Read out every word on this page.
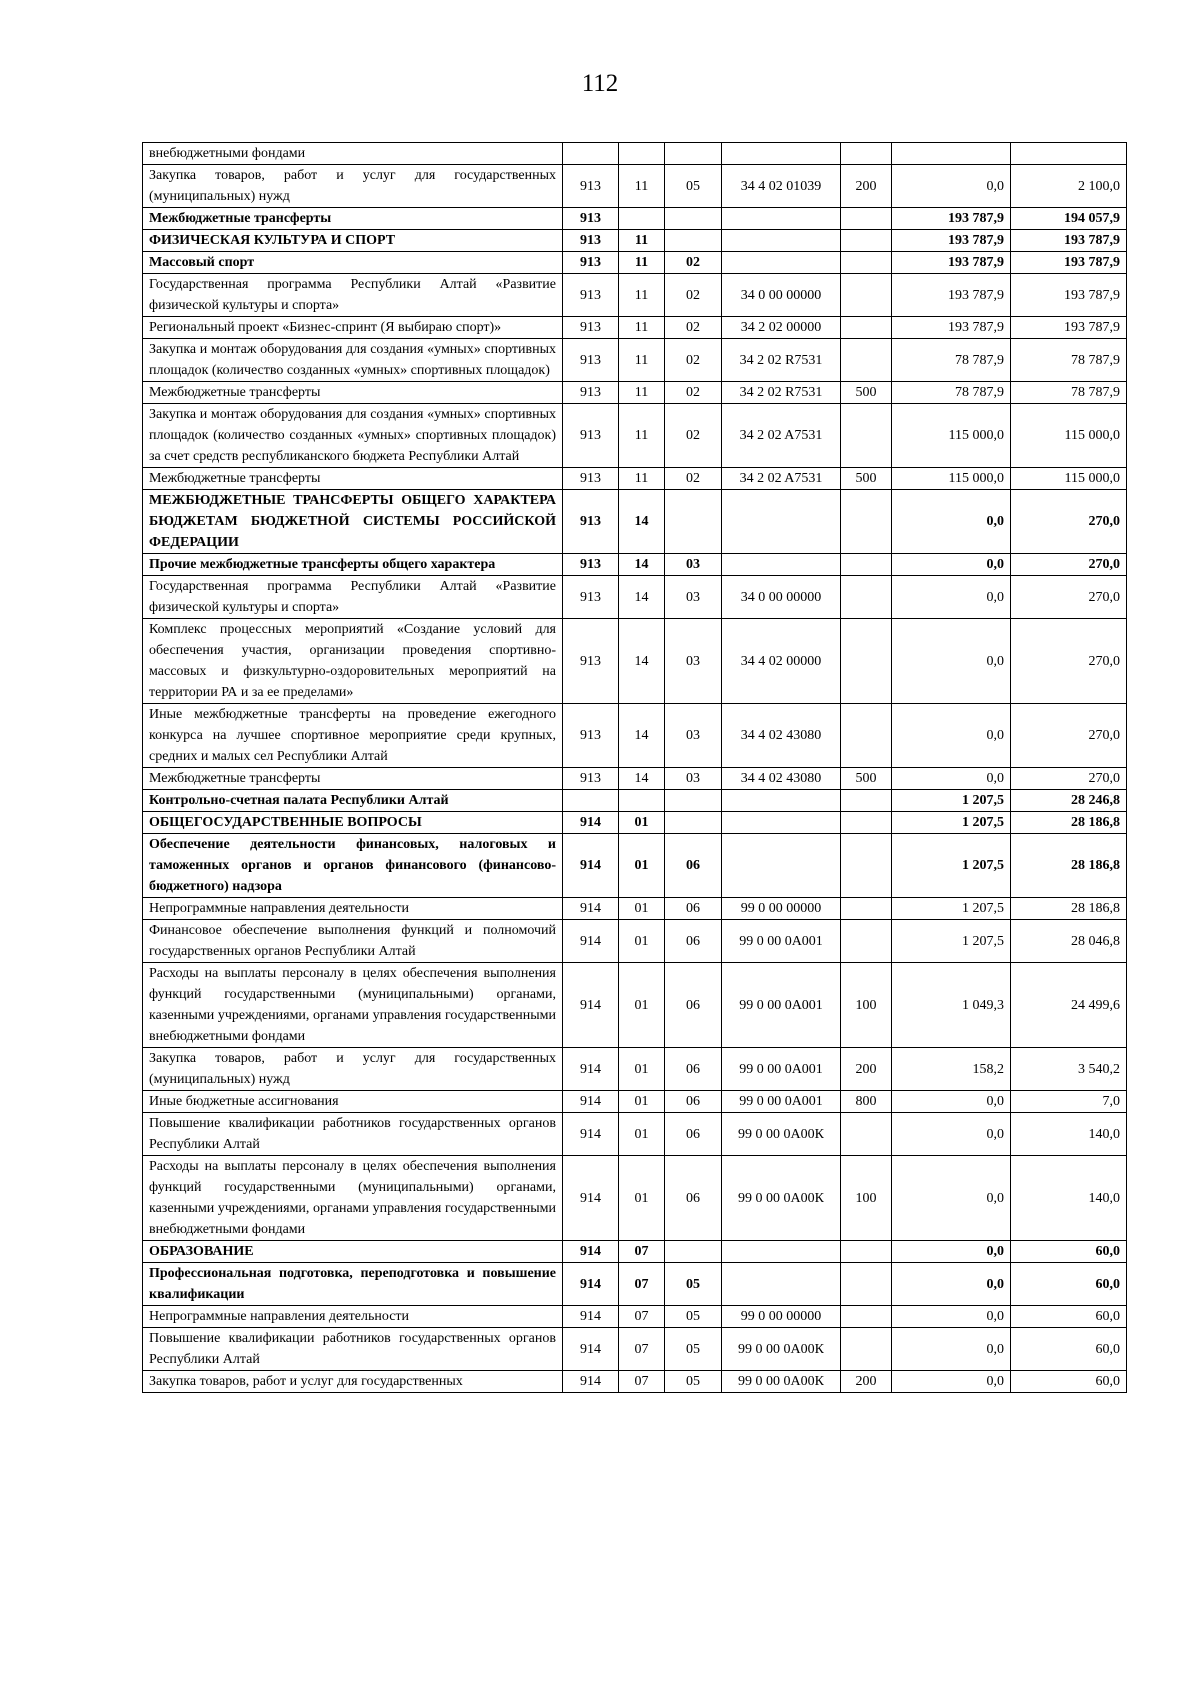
112
внебюджетными фондами							
Закупка товаров, работ и услуг для государственных (муниципальных) нужд	913	11	05	34 4 02 01039	200	0,0	2 100,0
Межбюджетные трансферты	913					193 787,9	194 057,9
ФИЗИЧЕСКАЯ КУЛЬТУРА И СПОРТ	913	11				193 787,9	193 787,9
Массовый спорт	913	11	02			193 787,9	193 787,9
Государственная программа Республики Алтай «Развитие физической культуры и спорта»	913	11	02	34 0 00 00000		193 787,9	193 787,9
Региональный проект «Бизнес-спринт (Я выбираю спорт)»	913	11	02	34 2 02 00000		193 787,9	193 787,9
Закупка и монтаж оборудования для создания «умных» спортивных площадок (количество созданных «умных» спортивных площадок)	913	11	02	34 2 02 R7531		78 787,9	78 787,9
Межбюджетные трансферты	913	11	02	34 2 02 R7531	500	78 787,9	78 787,9
Закупка и монтаж оборудования для создания «умных» спортивных площадок (количество созданных «умных» спортивных площадок) за счет средств республиканского бюджета Республики Алтай	913	11	02	34 2 02 A7531		115 000,0	115 000,0
Межбюджетные трансферты	913	11	02	34 2 02 A7531	500	115 000,0	115 000,0
МЕЖБЮДЖЕТНЫЕ ТРАНСФЕРТЫ ОБЩЕГО ХАРАКТЕРА БЮДЖЕТАМ БЮДЖЕТНОЙ СИСТЕМЫ РОССИЙСКОЙ ФЕДЕРАЦИИ	913	14				0,0	270,0
Прочие межбюджетные трансферты общего характера	913	14	03			0,0	270,0
Государственная программа Республики Алтай «Развитие физической культуры и спорта»	913	14	03	34 0 00 00000		0,0	270,0
Комплекс процессных мероприятий «Создание условий для обеспечения участия, организации проведения спортивно-массовых и физкультурно-оздоровительных мероприятий на территории РА и за ее пределами»	913	14	03	34 4 02 00000		0,0	270,0
Иные межбюджетные трансферты на проведение ежегодного конкурса на лучшее спортивное мероприятие среди крупных, средних и малых сел Республики Алтай	913	14	03	34 4 02 43080		0,0	270,0
Межбюджетные трансферты	913	14	03	34 4 02 43080	500	0,0	270,0
Контрольно-счетная палата Республики Алтай						1 207,5	28 246,8
ОБЩЕГОСУДАРСТВЕННЫЕ ВОПРОСЫ	914	01				1 207,5	28 186,8
Обеспечение деятельности финансовых, налоговых и таможенных органов и органов финансового (финансово-бюджетного) надзора	914	01	06			1 207,5	28 186,8
Непрограммные направления деятельности	914	01	06	99 0 00 00000		1 207,5	28 186,8
Финансовое обеспечение выполнения функций и полномочий государственных органов Республики Алтай	914	01	06	99 0 00 0А001		1 207,5	28 046,8
Расходы на выплаты персоналу в целях обеспечения выполнения функций государственными (муниципальными) органами, казенными учреждениями, органами управления государственными внебюджетными фондами	914	01	06	99 0 00 0А001	100	1 049,3	24 499,6
Закупка товаров, работ и услуг для государственных (муниципальных) нужд	914	01	06	99 0 00 0А001	200	158,2	3 540,2
Иные бюджетные ассигнования	914	01	06	99 0 00 0А001	800	0,0	7,0
Повышение квалификации работников государственных органов Республики Алтай	914	01	06	99 0 00 0А00К		0,0	140,0
Расходы на выплаты персоналу в целях обеспечения выполнения функций государственными (муниципальными) органами, казенными учреждениями, органами управления государственными внебюджетными фондами	914	01	06	99 0 00 0А00К	100	0,0	140,0
ОБРАЗОВАНИЕ	914	07				0,0	60,0
Профессиональная подготовка, переподготовка и повышение квалификации	914	07	05			0,0	60,0
Непрограммные направления деятельности	914	07	05	99 0 00 00000		0,0	60,0
Повышение квалификации работников государственных органов Республики Алтай	914	07	05	99 0 00 0А00К		0,0	60,0
Закупка товаров, работ и услуг для государственных	914	07	05	99 0 00 0А00К	200	0,0	60,0
